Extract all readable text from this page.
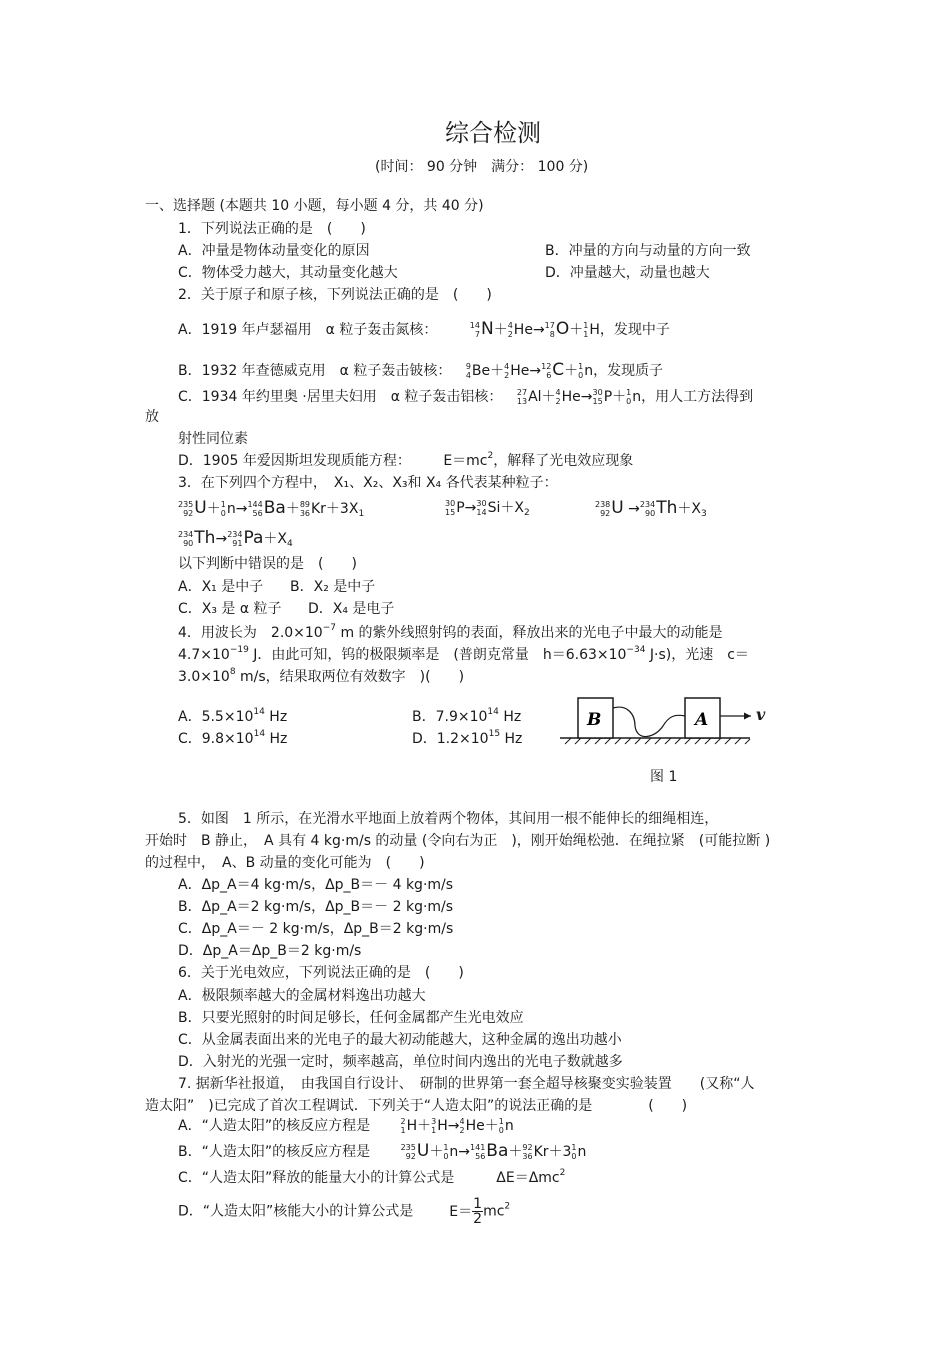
综合检测
(时间： 90 分钟　满分： 100 分)
一、选择题 (本题共 10 小题，每小题 4 分，共 40 分)
1．下列说法正确的是　(　　)
A．冲量是物体动量变化的原因	B．冲量的方向与动量的方向一致
C．物体受力越大，其动量变化越大	D．冲量越大，动量也越大
2．关于原子和原子核，下列说法正确的是　(　　)
A．1919 年卢瑟福用　α 粒子轰击氮核：	14
7 N＋ 4
2 He→ 17
8 O＋ 1
1 H，发现中子
B．1932 年查德威克用　α 粒子轰击铍核： 9
4 Be＋ 4
2 He→ 12
6 C＋ 1
0 n，发现质子
C．1934 年约里奥 ·居里夫妇用　α 粒子轰击铝核： 27
13 Al＋ 4
2 He→ 30
15 P＋ 1
0 n，用人工方法得到
放
射性同位素
D．1905 年爱因斯坦发现质能方程： $E=mc^2$，解释了光电效应现象
3．在下列四个方程中，　X₁、X₂、X₃和 X₄ 各代表某种粒子：
235
92 U＋ 1
0 n→ 144
56 Ba＋ 89
36 $Kr+3X_1$
30
15 P→ 30
14 $Si+X_2$
238
92 U → 234
90 $Th+X_3$
234
90 Th→ 234
91 $Pa+X_4$
以下判断中错误的是　(　　)
A．X₁ 是中子 B．X₂ 是中子
C．X₃ 是 α 粒子 D．X₄ 是电子
4．用波长为　$2.0\times 10^{-7}$ m 的紫外线照射钨的表面，释放出来的光电子中最大的动能是
$4.7\times 10^{-19}$ J．由此可知，钨的极限频率是　(普朗克常量　$h=6.63\times 10^{-34}$ J·s)，光速　c＝
$3.0\times 10^8$ m/s，结果取两位有效数字　)(　　)
A．$5.5\times 10^{14}$ Hz	B．$7.9\times 10^{14}$ Hz
C．$9.8\times 10^{14}$ Hz	D．$1.2\times 10^{15}$ Hz
B	A	v
图 1
5．如图　1 所示，在光滑水平地面上放着两个物体，其间用一根不能伸长的细绳相连，
开始时　B 静止，　A 具有 4 kg·m/s 的动量 (令向右为正　)，刚开始绳松弛．在绳拉紧　(可能拉断 )
的过程中，　A、B 动量的变化可能为　(　　)
A．Δp_A＝4 kg·m/s，Δp_B＝－ 4 kg·m/s
B．Δp_A＝2 kg·m/s，Δp_B＝－ 2 kg·m/s
C．Δp_A＝－ 2 kg·m/s，Δp_B＝2 kg·m/s
D．Δp_A＝Δp_B＝2 kg·m/s
6．关于光电效应，下列说法正确的是　(　　)
A．极限频率越大的金属材料逸出功越大
B．只要光照射的时间足够长，任何金属都产生光电效应
C．从金属表面出来的光电子的最大初动能越大，这种金属的逸出功越小
D．入射光的光强一定时，频率越高，单位时间内逸出的光电子数就越多
7. 据新华社报道，　由我国自行设计、　研制的世界第一套全超导核聚变实验装置　　(又称“人
造太阳”　)已完成了首次工程调试．下列关于“人造太阳”的说法正确的是　　　　(　　)
A．“人造太阳”的核反应方程是	2
1 H＋ 3
1 H→ 4
2 He＋ 1
0 n
B．“人造太阳”的核反应方程是	235
92 U＋ 1
0 n→ 141
56 Ba＋ 92
36 Kr＋3 1
0 n
C．“人造太阳”释放的能量大小的计算公式是	ΔE＝Δmc$^2$
D．“人造太阳”核能大小的计算公式是	$E= \frac{1}{2} mc^2$
